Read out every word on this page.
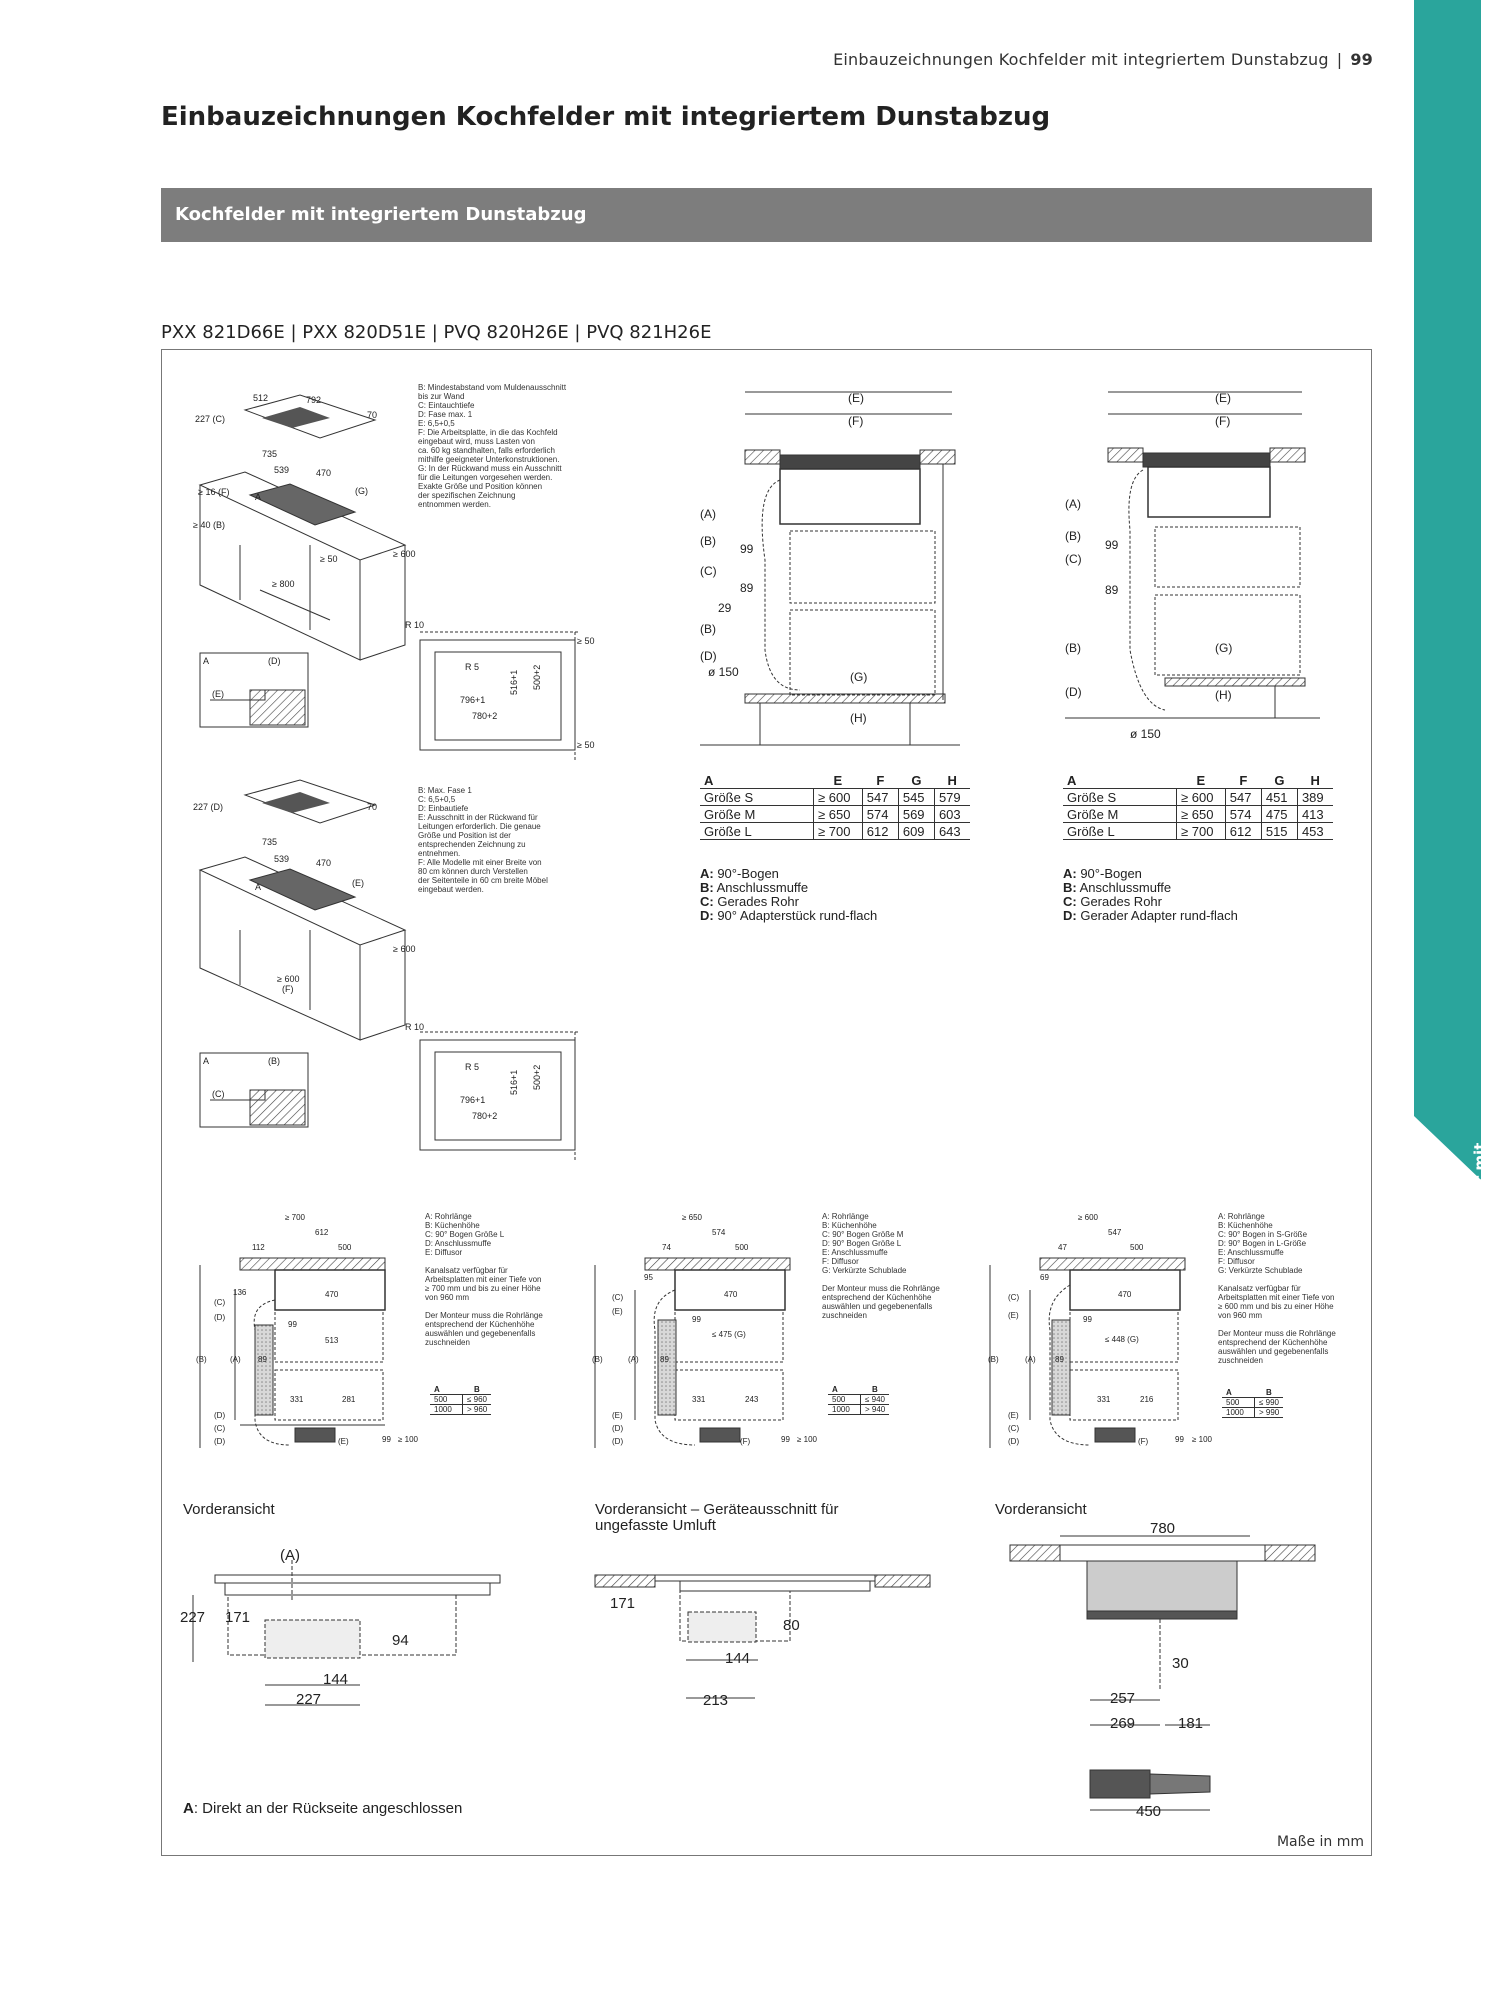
Kochfelder mit
integriertem Dunstabzug
Einbauzeichnungen Kochfelder mit integriertem Dunstabzug | 99
Einbauzeichnungen Kochfelder mit integriertem Dunstabzug
Kochfelder mit integriertem Dunstabzug
PXX 821D66E | PXX 820D51E | PVQ 820H26E | PVQ 821H26E
512	792
227 (C)	70
735
539	470
≥ 16 (F)	A
(G)
≥ 40 (B)
≥ 50	≥ 600
≥ 800
R 10
≥ 50
R 5
796+1
516+1 500+2
780+2
≥ 50
A	(D)
(E)
227 (D)	70
735
539	470
A	(E)
≥ 600
≥ 600
(F)
R 10
R 5
796+1
516+1 500+2
780+2
A	(B)
(C)
(E)
(F)
(A)
(B)
99
(C)
89
29
(B)
(D)
ø 150	(G)
(H)
(E)
(F)
(A)
(B)
99
(C)
89
(B)	(G)
(D)	(H)
ø 150
≥ 700
612
112	500
136	470
99
513
89
331	281
99 ≥ 100
(C)
(D)
(B)	(A)
(D)
(C)
(D)	(E)
≥ 650
574
74	500
95
470
99
≤ 475 (G)
89
331	243
99 ≥ 100
(C)
(E)
(B)	(A)
(E)
(D)
(D)	(F)
≥ 600
547
47	500
69
470
99
≤ 448 (G)
89
331	216
99 ≥ 100
(C)
(E)
(B)	(A)
(E)
(C)
(D)	(F)
(A)
227 171
94
144
227
171
80
144
213
780
30
257
269	181
450
B: Mindestabstand vom Muldenausschnitt
bis zur Wand
C: Eintauchtiefe
D: Fase max. 1
E: 6,5+0,5
F: Die Arbeitsplatte, in die das Kochfeld
eingebaut wird, muss Lasten von
ca. 60 kg standhalten, falls erforderlich
mithilfe geeigneter Unterkonstruktionen.
G: In der Rückwand muss ein Ausschnitt
für die Leitungen vorgesehen werden.
Exakte Größe und Position können
der spezifischen Zeichnung
entnommen werden.
B: Max. Fase 1
C: 6,5+0,5
D: Einbautiefe
E: Ausschnitt in der Rückwand für
Leitungen erforderlich. Die genaue
Größe und Position ist der
entsprechenden Zeichnung zu
entnehmen.
F: Alle Modelle mit einer Breite von
80 cm können durch Verstellen
der Seitenteile in 60 cm breite Möbel
eingebaut werden.
A	E	F	G	H
Größe S	≥ 600	547	545	579
Größe M	≥ 650	574	569	603
Größe L	≥ 700	612	609	643
A	E	F	G	H
Größe S	≥ 600	547	451	389
Größe M	≥ 650	574	475	413
Größe L	≥ 700	612	515	453
A: 90°-Bogen
B: Anschlussmuffe
C: Gerades Rohr
D: 90° Adapterstück rund-flach
A: 90°-Bogen
B: Anschlussmuffe
C: Gerades Rohr
D: Gerader Adapter rund-flach
A: Rohrlänge
B: Küchenhöhe
C: 90° Bogen Größe L
D: Anschlussmuffe
E: Diffusor

Kanalsatz verfügbar für
Arbeitsplatten mit einer Tiefe von
≥ 700 mm und bis zu einer Höhe
von 960 mm

Der Monteur muss die Rohrlänge
entsprechend der Küchenhöhe
auswählen und gegebenenfalls
zuschneiden
A	B
500	≤ 960
1000	> 960
A: Rohrlänge
B: Küchenhöhe
C: 90° Bogen Größe M
D: 90° Bogen Größe L
E: Anschlussmuffe
F: Diffusor
G: Verkürzte Schublade

Der Monteur muss die Rohrlänge
entsprechend der Küchenhöhe
auswählen und gegebenenfalls
zuschneiden
A	B
500	≤ 940
1000	> 940
A: Rohrlänge
B: Küchenhöhe
C: 90° Bogen in S-Größe
D: 90° Bogen in L-Größe
E: Anschlussmuffe
F: Diffusor
G: Verkürzte Schublade

Kanalsatz verfügbar für
Arbeitsplatten mit einer Tiefe von
≥ 600 mm und bis zu einer Höhe
von 960 mm

Der Monteur muss die Rohrlänge
entsprechend der Küchenhöhe
auswählen und gegebenenfalls
zuschneiden
A	B
500	≤ 990
1000	> 990
Vorderansicht	Vorderansicht – Geräteausschnitt für
ungefasste Umluft
Vorderansicht
A: Direkt an der Rückseite angeschlossen
Maße in mm
